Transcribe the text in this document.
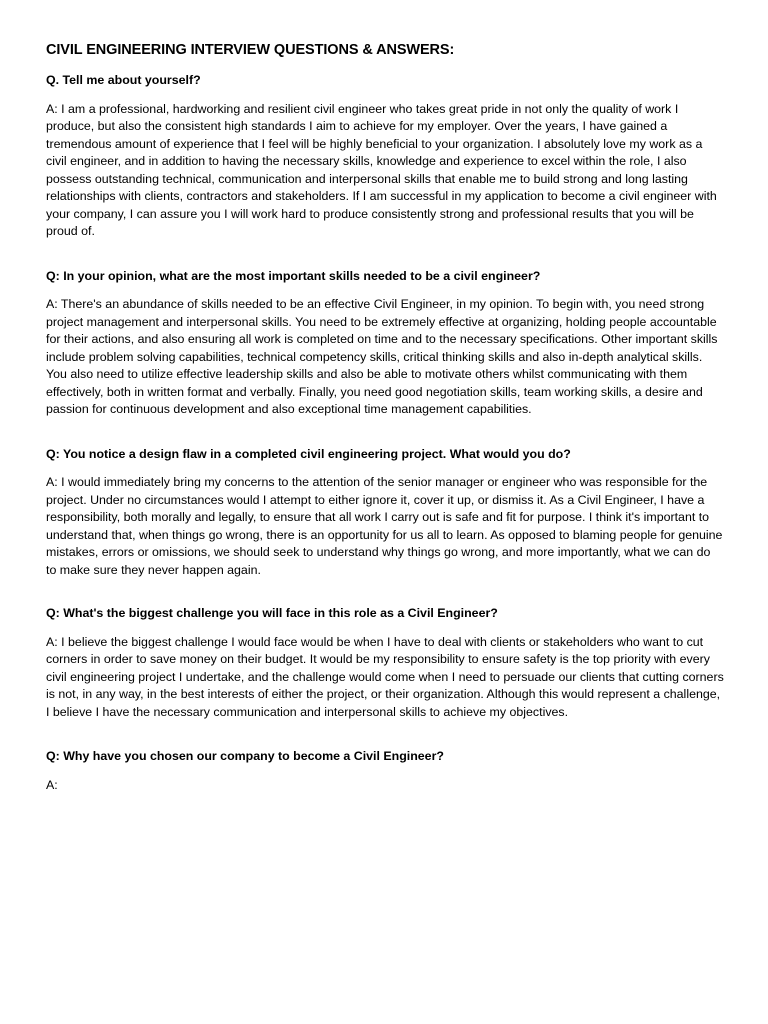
CIVIL ENGINEERING INTERVIEW QUESTIONS & ANSWERS:

Q. Tell me about yourself?

A: I am a professional, hardworking and resilient civil engineer who takes great pride in not only the quality of work I produce, but also the consistent high standards I aim to achieve for my employer. Over the years, I have gained a tremendous amount of experience that I feel will be highly beneficial to your organization. I absolutely love my work as a civil engineer, and in addition to having the necessary skills, knowledge and experience to excel within the role, I also possess outstanding technical, communication and interpersonal skills that enable me to build strong and long lasting relationships with clients, contractors and stakeholders. If I am successful in my application to become a civil engineer with your company, I can assure you I will work hard to produce consistently strong and professional results that you will be proud of.

Q: In your opinion, what are the most important skills needed to be a civil engineer?

A: There's an abundance of skills needed to be an effective Civil Engineer, in my opinion. To begin with, you need strong project management and interpersonal skills. You need to be extremely effective at organizing, holding people accountable for their actions, and also ensuring all work is completed on time and to the necessary specifications. Other important skills include problem solving capabilities, technical competency skills, critical thinking skills and also in-depth analytical skills. You also need to utilize effective leadership skills and also be able to motivate others whilst communicating with them effectively, both in written format and verbally. Finally, you need good negotiation skills, team working skills, a desire and passion for continuous development and also exceptional time management capabilities.

Q: You notice a design flaw in a completed civil engineering project. What would you do?

A: I would immediately bring my concerns to the attention of the senior manager or engineer who was responsible for the project. Under no circumstances would I attempt to either ignore it, cover it up, or dismiss it. As a Civil Engineer, I have a responsibility, both morally and legally, to ensure that all work I carry out is safe and fit for purpose. I think it's important to understand that, when things go wrong, there is an opportunity for us all to learn. As opposed to blaming people for genuine mistakes, errors or omissions, we should seek to understand why things go wrong, and more importantly, what we can do to make sure they never happen again.

Q: What's the biggest challenge you will face in this role as a Civil Engineer?

A: I believe the biggest challenge I would face would be when I have to deal with clients or stakeholders who want to cut corners in order to save money on their budget. It would be my responsibility to ensure safety is the top priority with every civil engineering project I undertake, and the challenge would come when I need to persuade our clients that cutting corners is not, in any way, in the best interests of either the project, or their organization. Although this would represent a challenge, I believe I have the necessary communication and interpersonal skills to achieve my objectives.

Q: Why have you chosen our company to become a Civil Engineer?

A:
